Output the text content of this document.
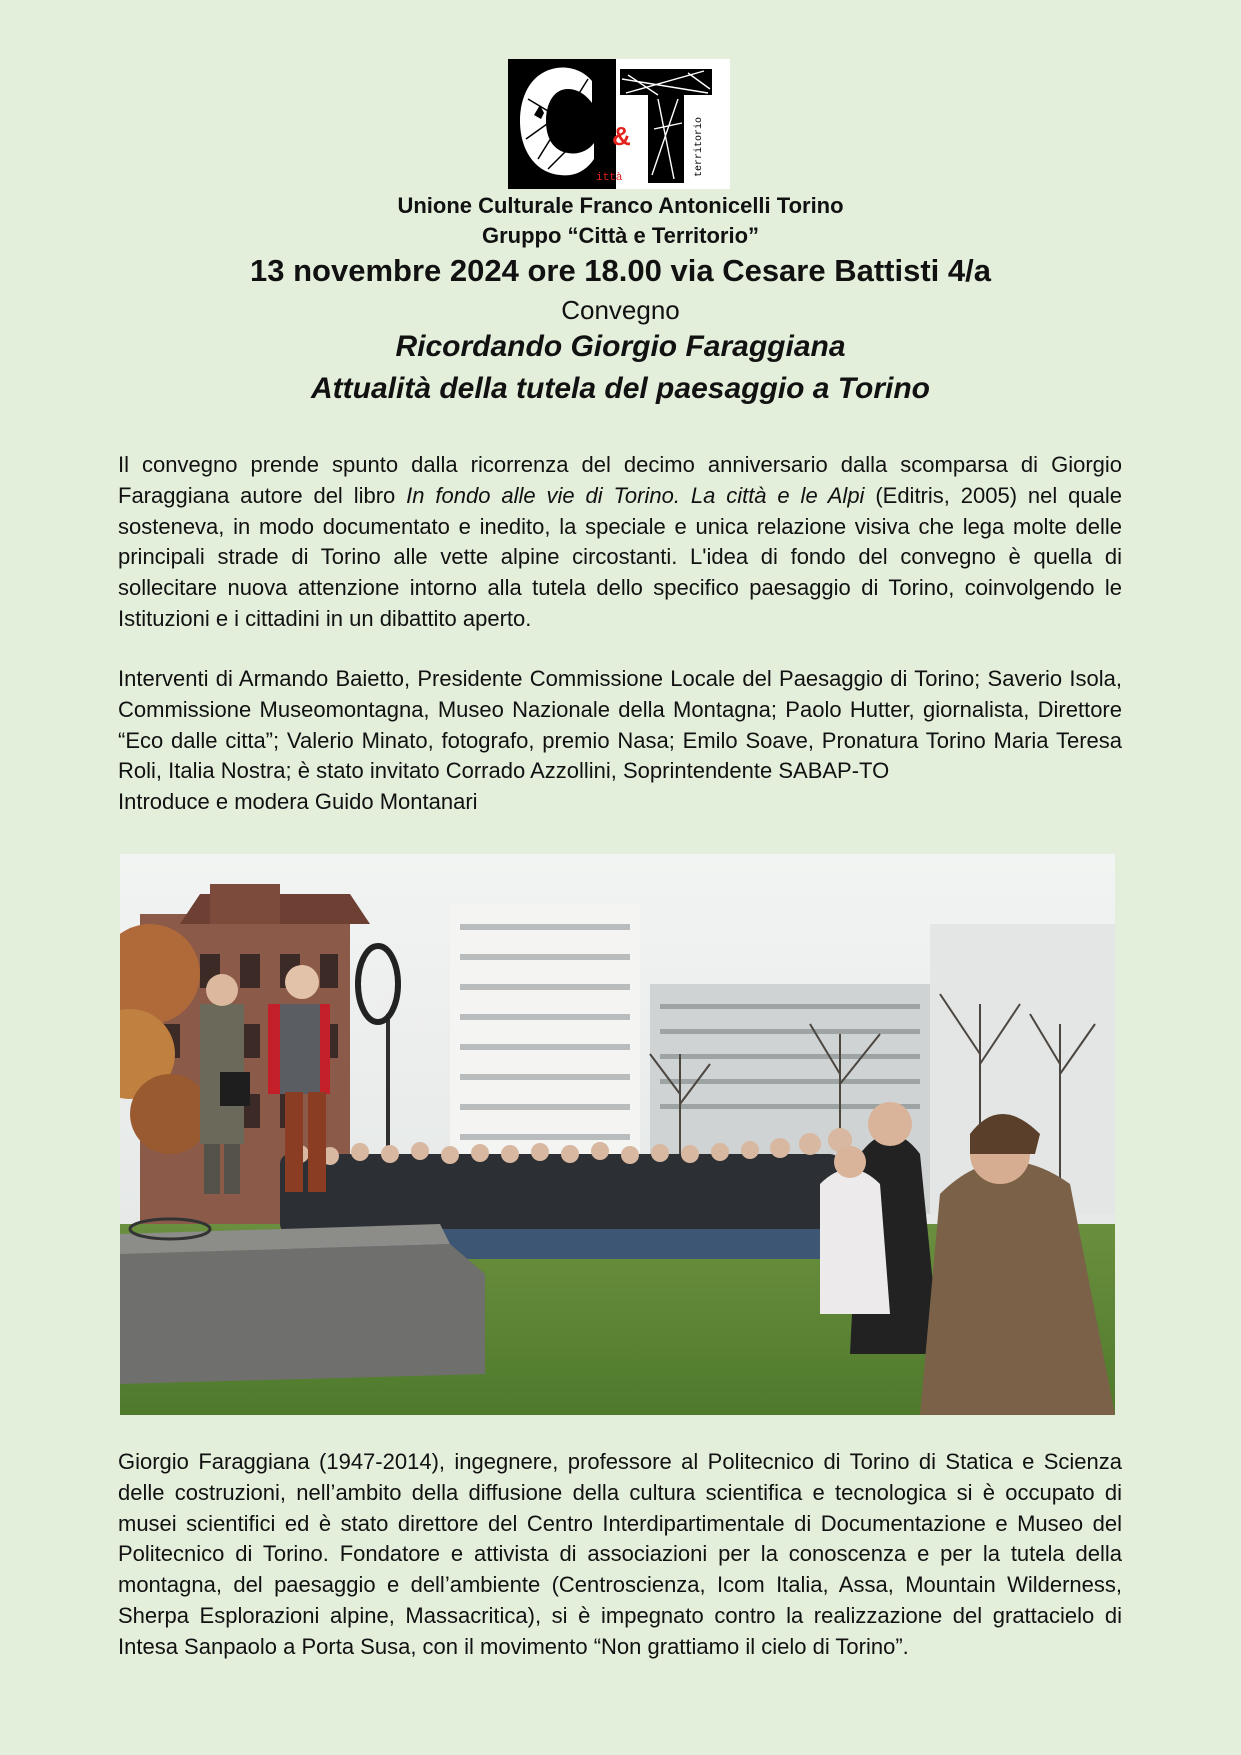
&
ittà
territorio
Unione Culturale Franco Antonicelli Torino
Gruppo “Città e Territorio”
13 novembre 2024 ore 18.00 via Cesare Battisti 4/a
Convegno
Ricordando Giorgio Faraggiana
Attualità della tutela del paesaggio a Torino
Il convegno prende spunto dalla ricorrenza del decimo anniversario dalla scomparsa di Giorgio Faraggiana autore del libro In fondo alle vie di Torino. La città e le Alpi (Editris, 2005) nel quale sosteneva, in modo documentato e inedito, la speciale e unica relazione visiva che lega molte delle principali strade di Torino alle vette alpine circostanti. L'idea di fondo del convegno è quella di sollecitare nuova attenzione intorno alla tutela dello specifico paesaggio di Torino, coinvolgendo le Istituzioni e i cittadini in un dibattito aperto.
Interventi di Armando Baietto, Presidente Commissione Locale del Paesaggio di Torino; Saverio Isola, Commissione Museomontagna, Museo Nazionale della Montagna; Paolo Hutter, giornalista, Direttore “Eco dalle citta”; Valerio Minato, fotografo, premio Nasa; Emilo Soave, Pronatura Torino Maria Teresa Roli, Italia Nostra; è stato invitato Corrado Azzollini, Soprintendente SABAP-TO
Introduce e modera Guido Montanari
Giorgio Faraggiana (1947-2014), ingegnere, professore al Politecnico di Torino di Statica e Scienza delle costruzioni, nell’ambito della diffusione della cultura scientifica e tecnologica si è occupato di musei scientifici ed è stato direttore del Centro Interdipartimentale di Documentazione e Museo del Politecnico di Torino. Fondatore e attivista di associazioni per la conoscenza e per la tutela della montagna, del paesaggio e dell’ambiente (Centroscienza, Icom Italia, Assa, Mountain Wilderness, Sherpa Esplorazioni alpine, Massacritica), si è impegnato contro la realizzazione del grattacielo di Intesa Sanpaolo a Porta Susa, con il movimento “Non grattiamo il cielo di Torino”.
